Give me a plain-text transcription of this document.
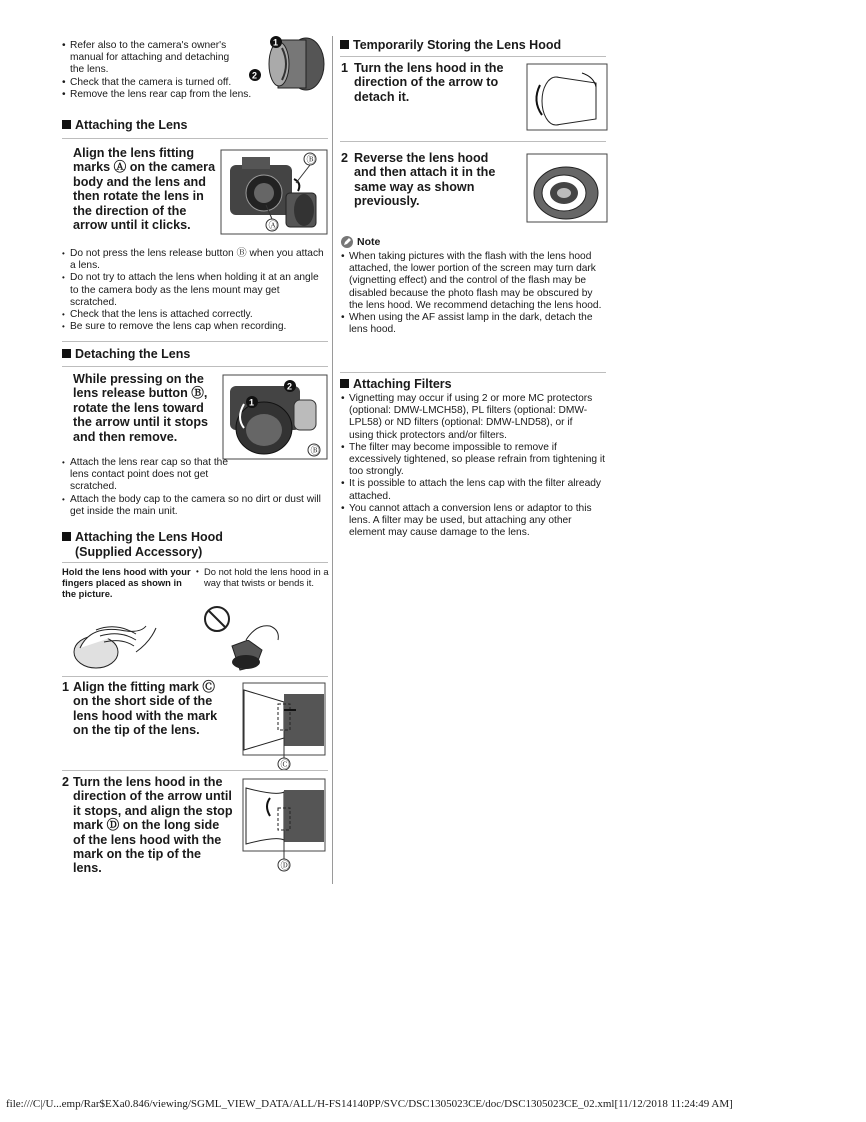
• Refer also to the camera's owner's manual for attaching and detaching the lens.
• Check that the camera is turned off.
• Remove the lens rear cap from the lens.
1
2
Attaching the Lens
Align the lens fitting marks Ⓐ on the camera body and the lens and then rotate the lens in the direction of the arrow until it clicks.
Ⓑ
Ⓐ
• Do not press the lens release button Ⓑ when you attach a lens.
• Do not try to attach the lens when holding it at an angle to the camera body as the lens mount may get scratched.
• Check that the lens is attached correctly.
• Be sure to remove the lens cap when recording.
Detaching the Lens
While pressing on the lens release button Ⓑ, rotate the lens toward the arrow until it stops and then remove.
2
1
Ⓑ
• Attach the lens rear cap so that the lens contact point does not get scratched.
• Attach the body cap to the camera so no dirt or dust will get inside the main unit.
Attaching the Lens Hood
(Supplied Accessory)
Hold the lens hood with your fingers placed as shown in the picture.
• Do not hold the lens hood in a way that twists or bends it.
1 Align the fitting mark Ⓒ on the short side of the lens hood with the mark on the tip of the lens.
Ⓒ
2 Turn the lens hood in the direction of the arrow until it stops, and align the stop mark Ⓓ on the long side of the lens hood with the mark on the tip of the lens.	Ⓓ
Temporarily Storing the Lens Hood
1 Turn the lens hood in the direction of the arrow to detach it.
2 Reverse the lens hood and then attach it in the same way as shown previously.
Note
• When taking pictures with the flash with the lens hood attached, the lower portion of the screen may turn dark (vignetting effect) and the control of the flash may be disabled because the photo flash may be obscured by the lens hood. We recommend detaching the lens hood.
• When using the AF assist lamp in the dark, detach the lens hood.
Attaching Filters
• Vignetting may occur if using 2 or more MC protectors (optional: DMW-LMCH58), PL filters (optional: DMW-LPL58) or ND filters (optional: DMW-LND58), or if using thick protectors and/or filters.
• The filter may become impossible to remove if excessively tightened, so please refrain from tightening it too strongly.
• It is possible to attach the lens cap with the filter already attached.
• You cannot attach a conversion lens or adaptor to this lens. A filter may be used, but attaching any other element may cause damage to the lens.
file:///C|/U...emp/Rar$EXa0.846/viewing/SGML_VIEW_DATA/ALL/H-FS14140PP/SVC/DSC1305023CE/doc/DSC1305023CE_02.xml[11/12/2018 11:24:49 AM]
